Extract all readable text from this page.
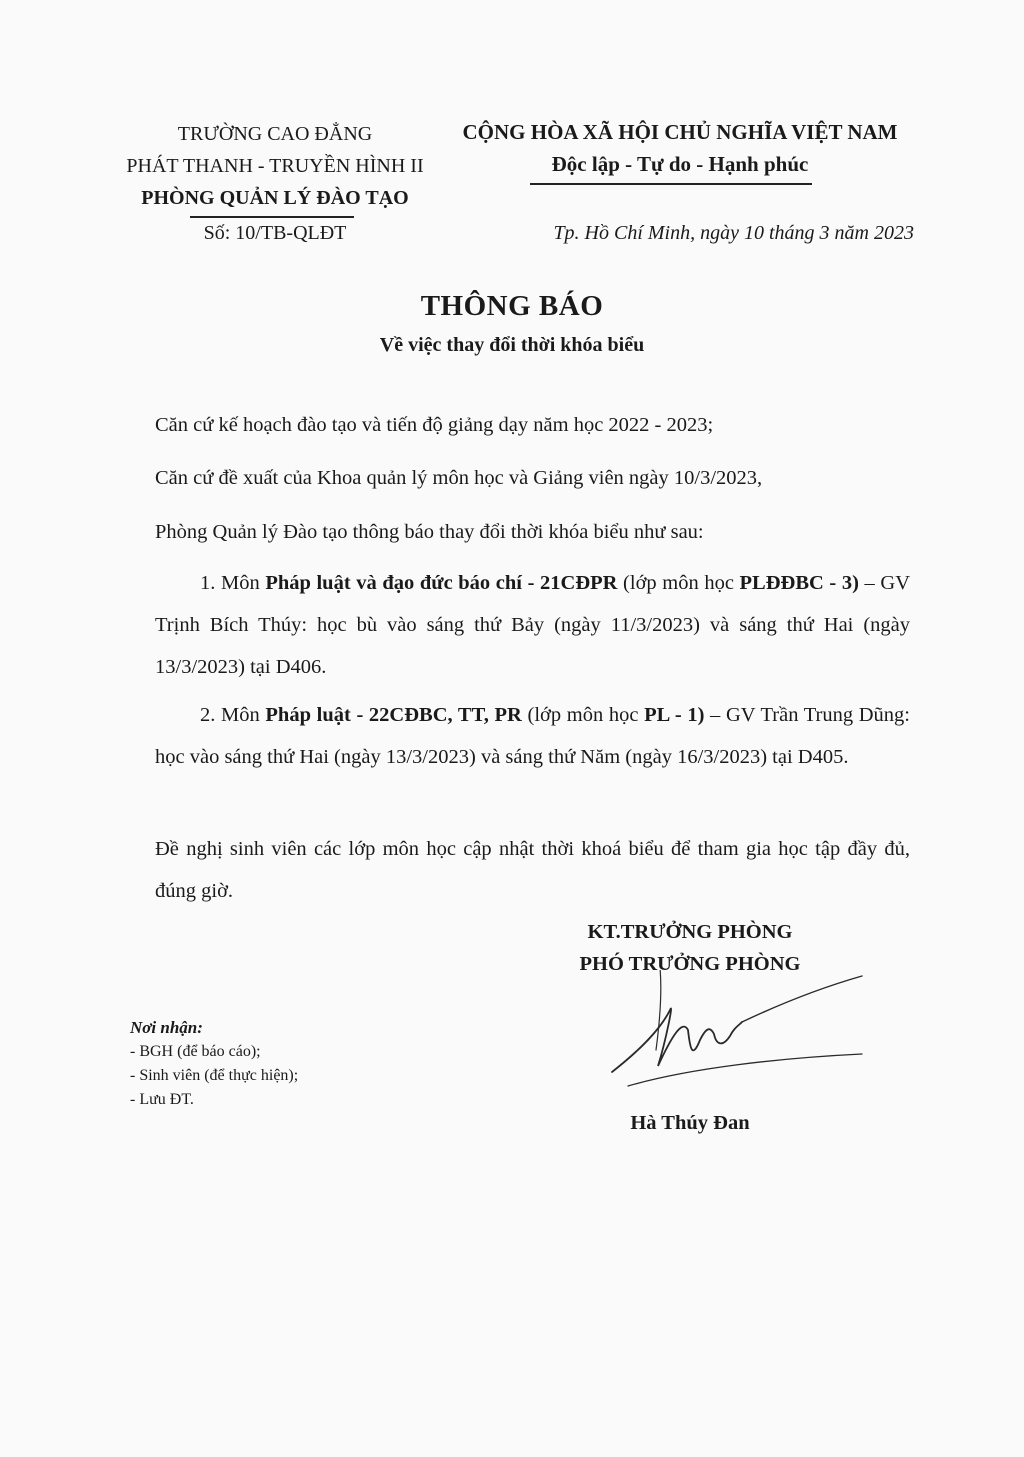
TRƯỜNG CAO ĐẲNG
PHÁT THANH - TRUYỀN HÌNH II
PHÒNG QUẢN LÝ ĐÀO TẠO
CỘNG HÒA XÃ HỘI CHỦ NGHĨA VIỆT NAM
Độc lập - Tự do - Hạnh phúc
Số: 10/TB-QLĐT	Tp. Hồ Chí Minh, ngày 10 tháng 3 năm 2023
THÔNG BÁO
Về việc thay đổi thời khóa biểu
Căn cứ kế hoạch đào tạo và tiến độ giảng dạy năm học 2022 - 2023;
Căn cứ đề xuất của Khoa quản lý môn học và Giảng viên ngày 10/3/2023,
Phòng Quản lý Đào tạo thông báo thay đổi thời khóa biểu như sau:
1. Môn Pháp luật và đạo đức báo chí - 21CĐPR (lớp môn học PLĐĐBC - 3) – GV Trịnh Bích Thúy: học bù vào sáng thứ Bảy (ngày 11/3/2023) và sáng thứ Hai (ngày 13/3/2023) tại D406.
2. Môn Pháp luật - 22CĐBC, TT, PR (lớp môn học PL - 1) – GV Trần Trung Dũng: học vào sáng thứ Hai (ngày 13/3/2023) và sáng thứ Năm (ngày 16/3/2023) tại D405.
Đề nghị sinh viên các lớp môn học cập nhật thời khoá biểu để tham gia học tập đầy đủ, đúng giờ.
KT.TRƯỞNG PHÒNG
PHÓ TRƯỞNG PHÒNG
Hà Thúy Đan
Nơi nhận:
- BGH (để báo cáo);
- Sinh viên (để thực hiện);
- Lưu ĐT.
